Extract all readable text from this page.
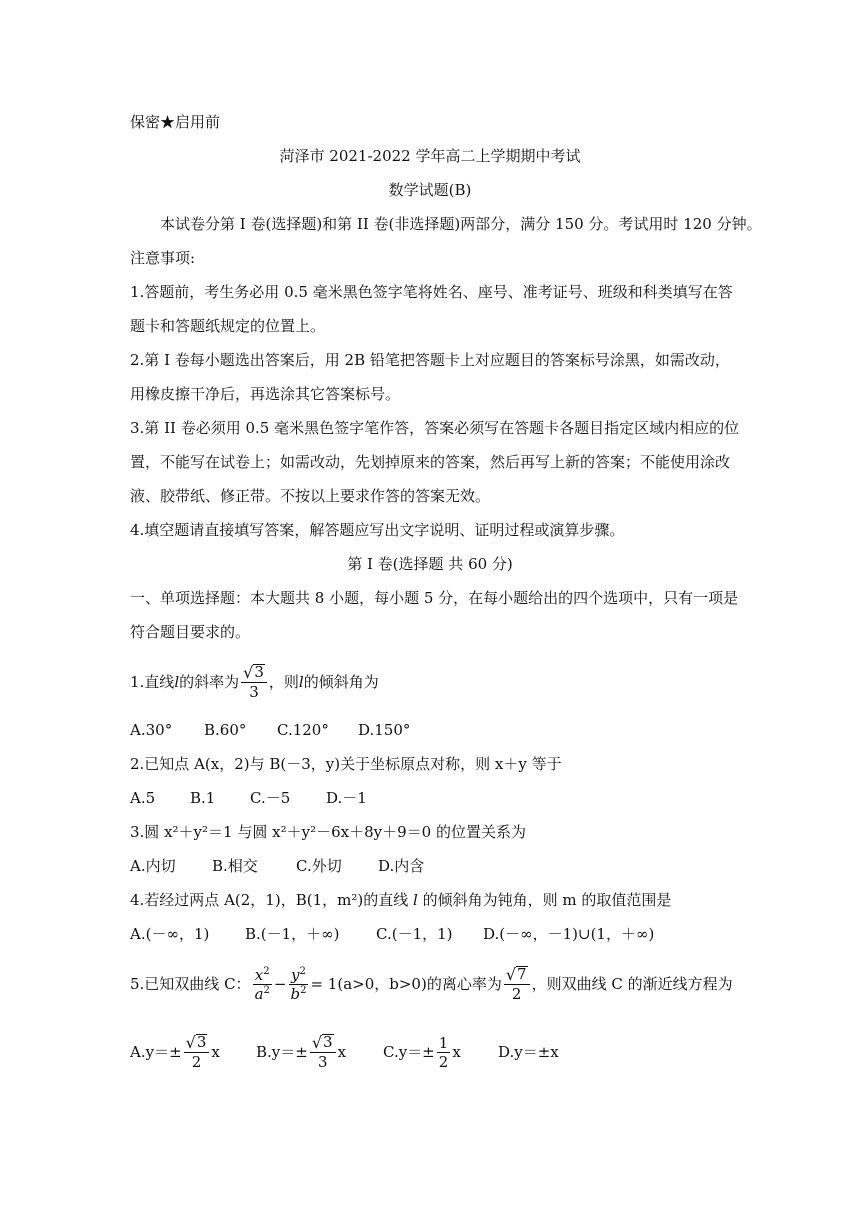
保密★启用前
菏泽市 2021-2022 学年高二上学期期中考试
数学试题(B)
本试卷分第 I 卷(选择题)和第 II 卷(非选择题)两部分，满分 150 分。考试用时 120 分钟。
注意事项:
1.答题前，考生务必用 0.5 毫米黑色签字笔将姓名、座号、准考证号、班级和科类填写在答
题卡和答题纸规定的位置上。
2.第 I 卷每小题选出答案后，用 2B 铅笔把答题卡上对应题目的答案标号涂黑，如需改动，
用橡皮擦干净后，再选涂其它答案标号。
3.第 II 卷必须用 0.5 毫米黑色签字笔作答，答案必须写在答题卡各题目指定区域内相应的位
置，不能写在试卷上；如需改动，先划掉原来的答案，然后再写上新的答案；不能使用涂改
液、胶带纸、修正带。不按以上要求作答的答案无效。
4.填空题请直接填写答案，解答题应写出文字说明、证明过程或演算步骤。
第 I 卷(选择题 共 60 分)
一、单项选择题：本大题共 8 小题，每小题 5 分，在每小题给出的四个选项中，只有一项是
符合题目要求的。
1.直线 l 的斜率为 $\frac{√ 3}{3}$ ，则 l 的倾斜角为
A.30° B.60° C.120° D.150°
2.已知点 A(x，2)与 B(－3，y)关于坐标原点对称，则 x＋y 等于
A.5 B.1 C.－5 D.－1
3.圆 x²＋y²＝1 与圆 x²＋y²－6x＋8y＋9＝0 的位置关系为
A.内切 B.相交	C.外切 D.内含
4.若经过两点 A(2，1)，B(1，m²)的直线 l 的倾斜角为钝角，则 m 的取值范围是
A.(－∞，1) B.(－1，＋∞) C.(－1，1) D.(－∞，－1)∪(1，＋∞)
5.已知双曲线 C： $\frac{x^2}{a^2} - \frac{y^2}{b^2} = 1$ (a>0，b>0)的离心率为 $\frac{√ 7}{2}$ ，则双曲线 C 的渐近线方程为
$A.y=\pm \frac{√ 3}{2}$ x $B.y=\pm \frac{√ 3}{3}$ x $C.y=\pm \frac{1}{2}$ x D.y＝±x
